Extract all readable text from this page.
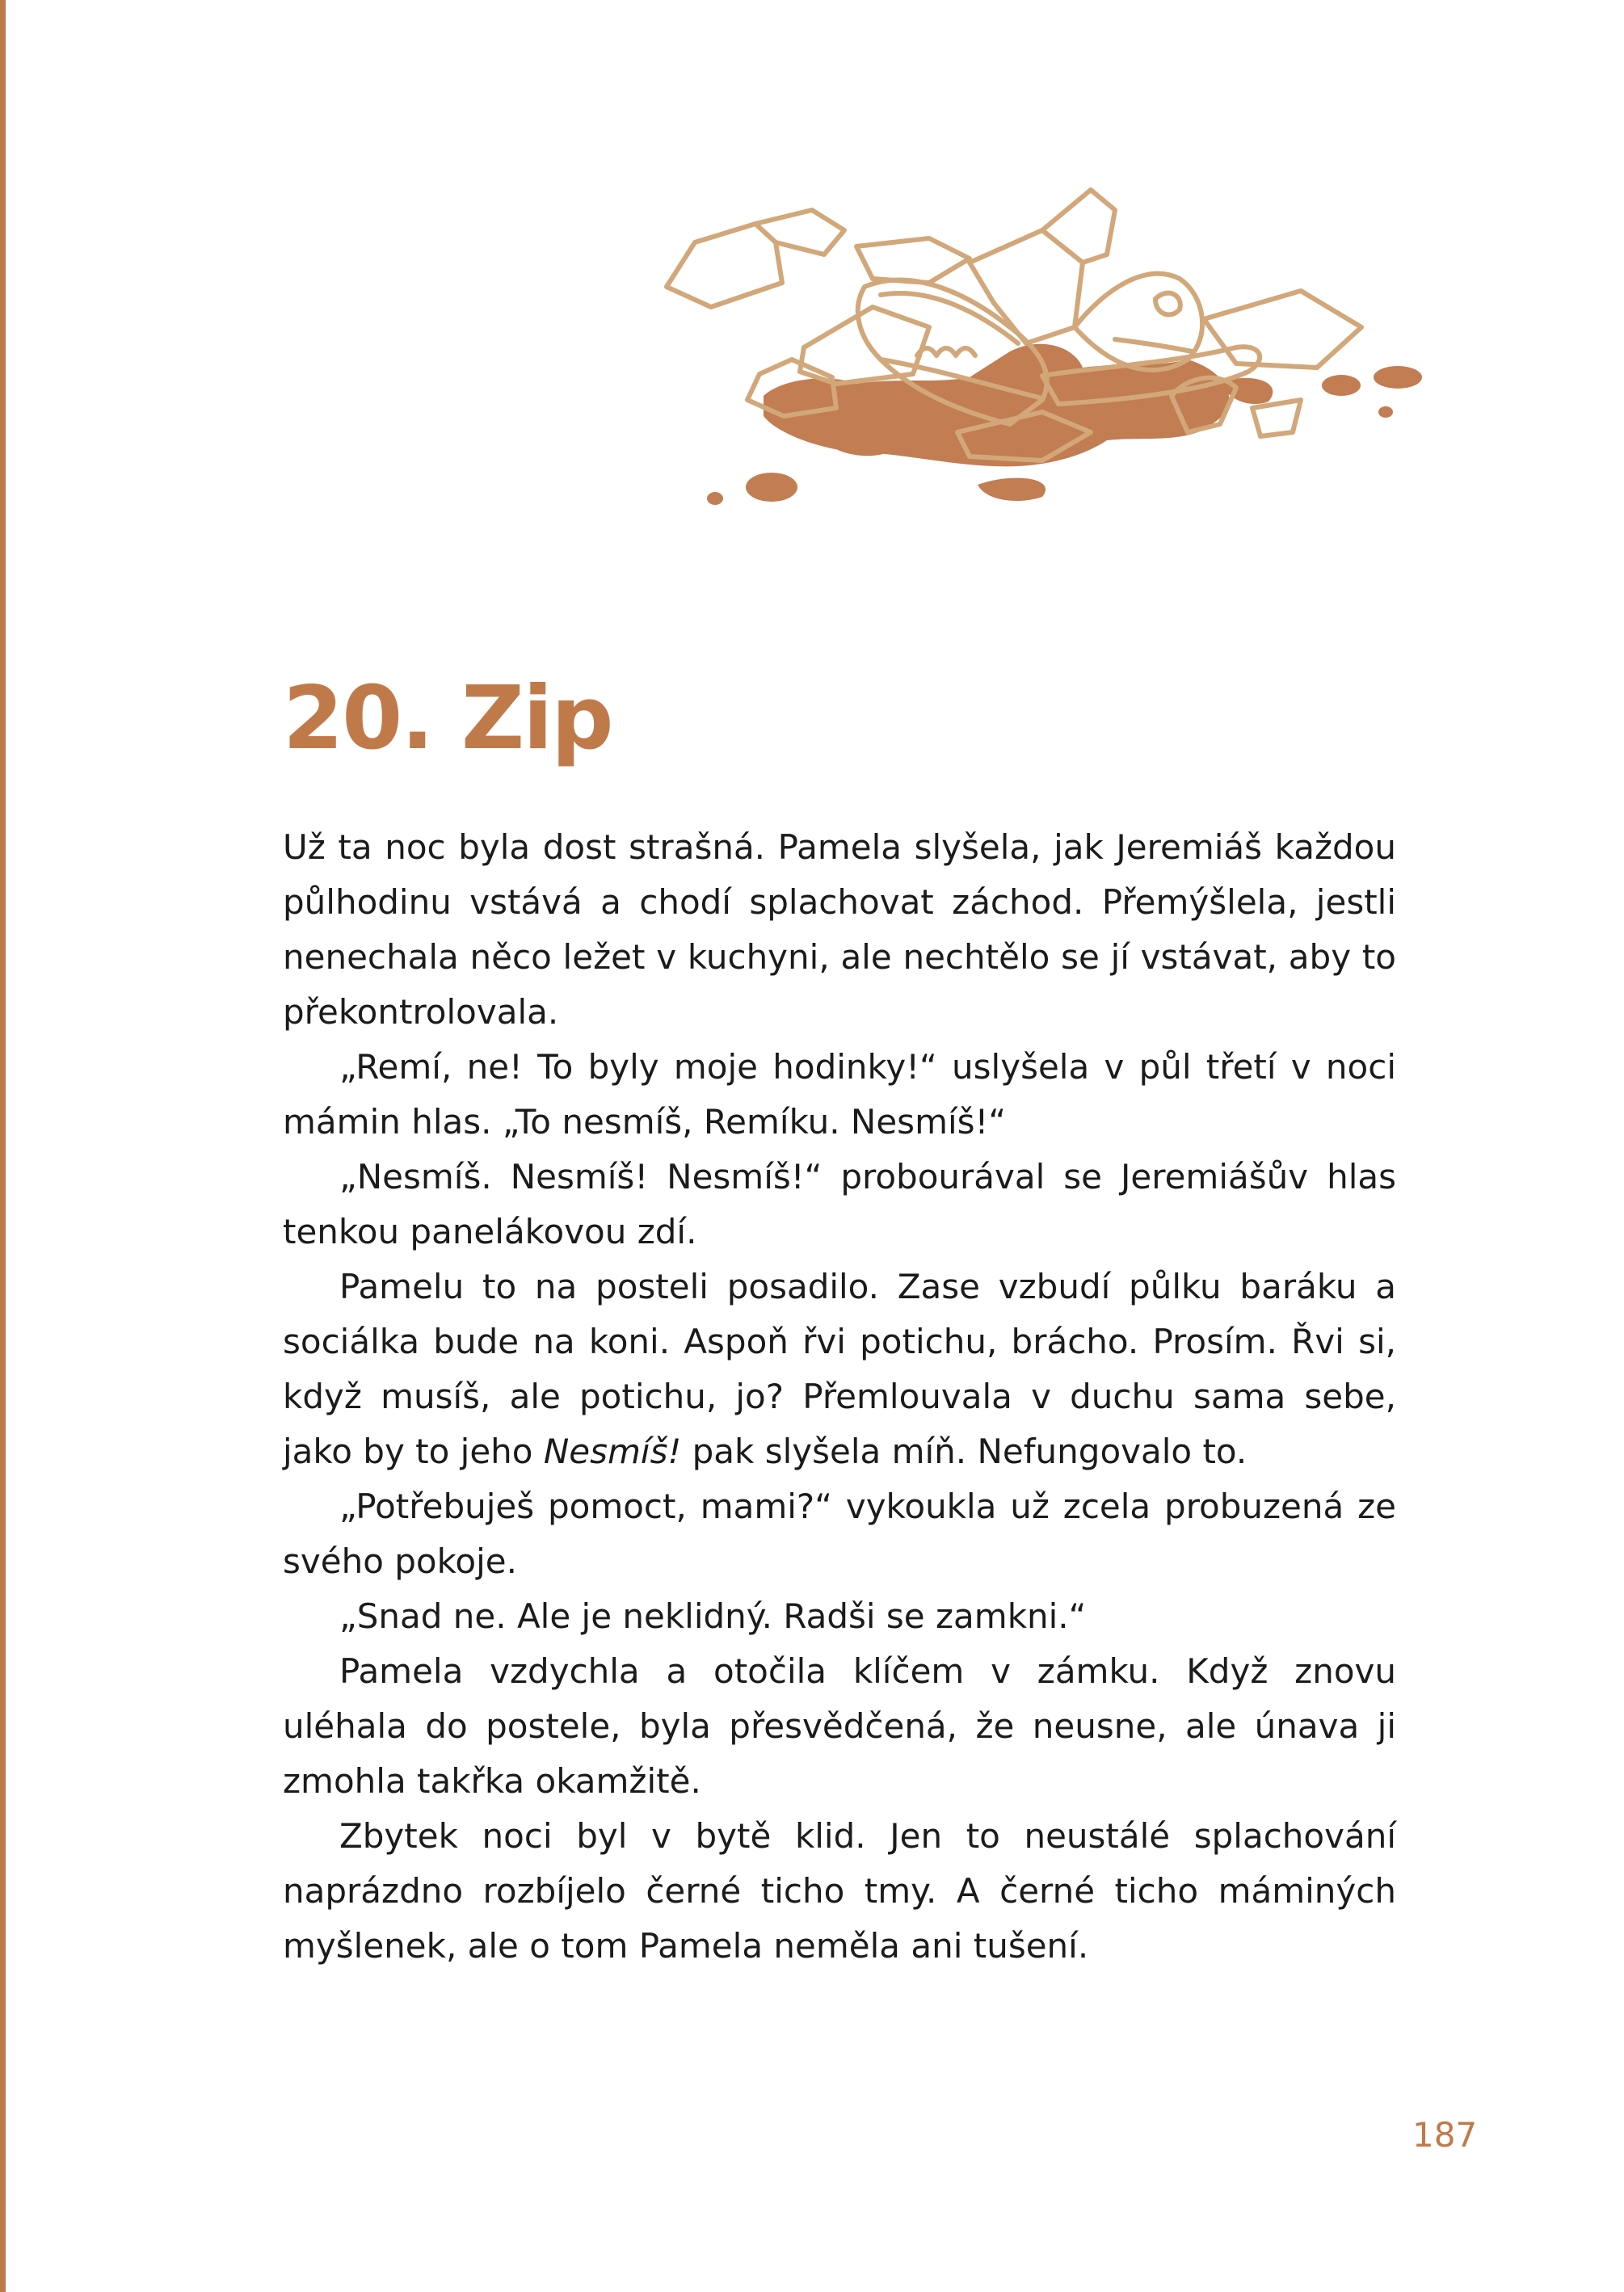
20. Zip

Už ta noc byla dost strašná. Pamela slyšela, jak Jeremiáš každou půlhodinu vstává a chodí splachovat záchod. Přemýšlela, jestli nenechala něco ležet v kuchyni, ale nechtělo se jí vstávat, aby to překontrolovala.

„Remí, ne! To byly moje hodinky!“ uslyšela v půl třetí v noci mámin hlas. „To nesmíš, Remíku. Nesmíš!“

„Nesmíš. Nesmíš! Nesmíš!“ probourával se Jeremiášův hlas tenkou panelákovou zdí.

Pamelu to na posteli posadilo. Zase vzbudí půlku baráku a sociálka bude na koni. Aspoň řvi potichu, brácho. Prosím. Řvi si, když musíš, ale potichu, jo? Přemlouvala v duchu sama sebe, jako by to jeho Nesmíš! pak slyšela míň. Nefungovalo to.

„Potřebuješ pomoct, mami?“ vykoukla už zcela probuzená ze svého pokoje.

„Snad ne. Ale je neklidný. Radši se zamkni.“

Pamela vzdychla a otočila klíčem v zámku. Když znovu uléhala do postele, byla přesvědčená, že neusne, ale únava ji zmohla takřka okamžitě.

Zbytek noci byl v bytě klid. Jen to neustálé splachování naprázdno rozbíjelo černé ticho tmy. A černé ticho máminých myšlenek, ale o tom Pamela neměla ani tušení.

187
